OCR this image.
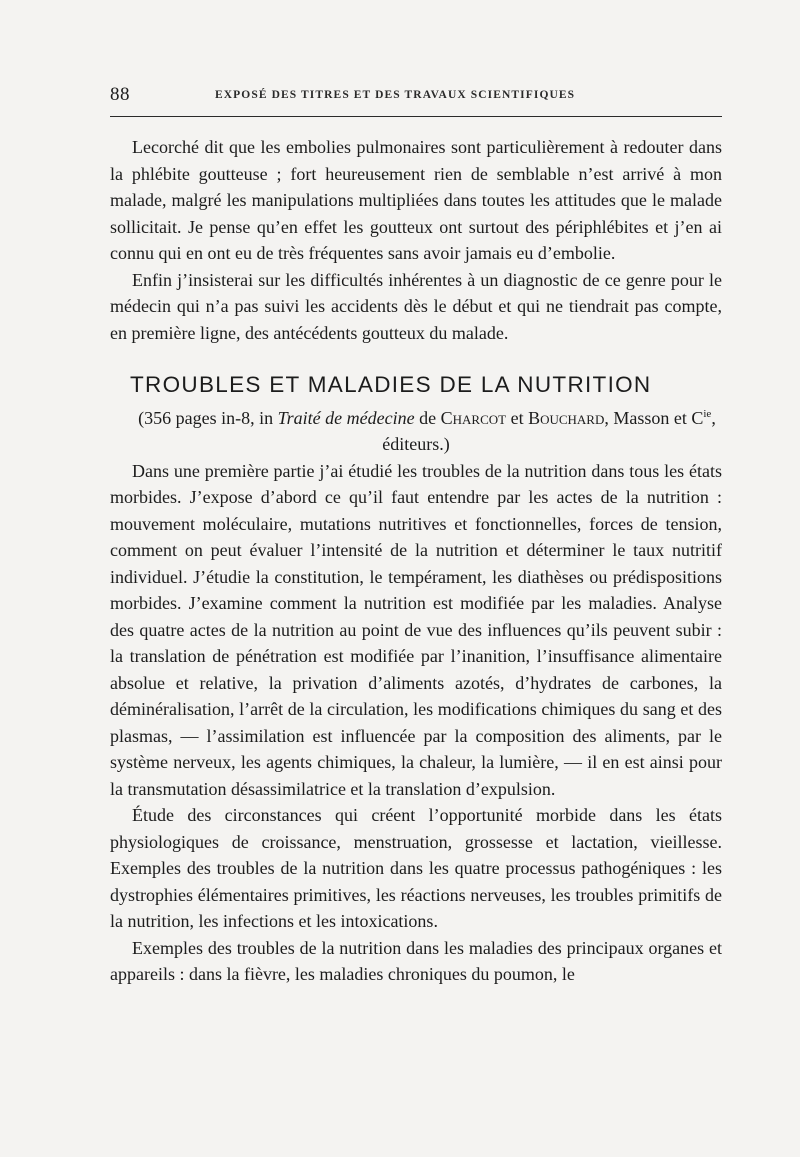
88	EXPOSÉ DES TITRES ET DES TRAVAUX SCIENTIFIQUES

Lecorché dit que les embolies pulmonaires sont particulièrement à redouter dans la phlébite goutteuse ; fort heureusement rien de semblable n’est arrivé à mon malade, malgré les manipulations multipliées dans toutes les attitudes que le malade sollicitait. Je pense qu’en effet les goutteux ont surtout des périphlébites et j’en ai connu qui en ont eu de très fréquentes sans avoir jamais eu d’embolie.

Enfin j’insisterai sur les difficultés inhérentes à un diagnostic de ce genre pour le médecin qui n’a pas suivi les accidents dès le début et qui ne tiendrait pas compte, en première ligne, des antécédents goutteux du malade.

TROUBLES ET MALADIES DE LA NUTRITION

(356 pages in-8, in Traité de médecine de Charcot et Bouchard, Masson et $C^{ie}$, éditeurs.)

Dans une première partie j’ai étudié les troubles de la nutrition dans tous les états morbides. J’expose d’abord ce qu’il faut entendre par les actes de la nutrition : mouvement moléculaire, mutations nutritives et fonctionnelles, forces de tension, comment on peut évaluer l’intensité de la nutrition et déterminer le taux nutritif individuel. J’étudie la constitution, le tempérament, les diathèses ou prédispositions morbides. J’examine comment la nutrition est modifiée par les maladies. Analyse des quatre actes de la nutrition au point de vue des influences qu’ils peuvent subir : la translation de pénétration est modifiée par l’inanition, l’insuffisance alimentaire absolue et relative, la privation d’aliments azotés, d’hydrates de carbones, la déminéralisation, l’arrêt de la circulation, les modifications chimiques du sang et des plasmas, — l’assimilation est influencée par la composition des aliments, par le système nerveux, les agents chimiques, la chaleur, la lumière, — il en est ainsi pour la transmutation désassimilatrice et la translation d’expulsion.

Étude des circonstances qui créent l’opportunité morbide dans les états physiologiques de croissance, menstruation, grossesse et lactation, vieillesse. Exemples des troubles de la nutrition dans les quatre processus pathogéniques : les dystrophies élémentaires primitives, les réactions nerveuses, les troubles primitifs de la nutrition, les infections et les intoxications.

Exemples des troubles de la nutrition dans les maladies des principaux organes et appareils : dans la fièvre, les maladies chroniques du poumon, le
